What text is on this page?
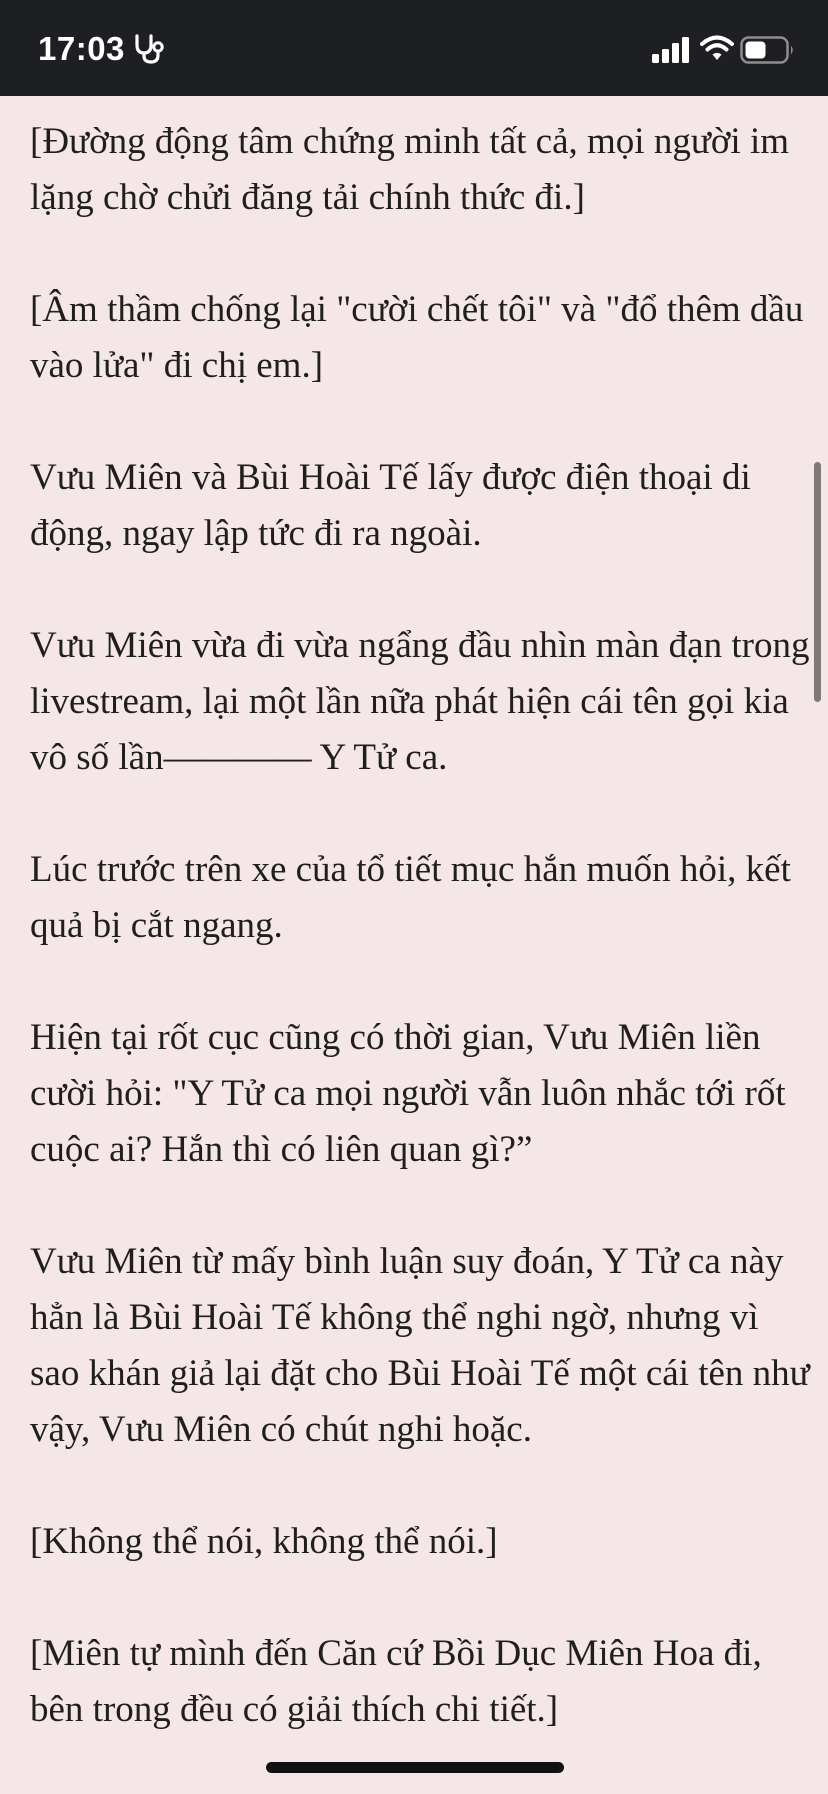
17:03

[Đường động tâm chứng minh tất cả, mọi người im lặng chờ chửi đăng tải chính thức đi.]

[Âm thầm chống lại "cười chết tôi" và "đổ thêm dầu vào lửa" đi chị em.]

Vưu Miên và Bùi Hoài Tế lấy được điện thoại di động, ngay lập tức đi ra ngoài.

Vưu Miên vừa đi vừa ngẩng đầu nhìn màn đạn trong livestream, lại một lần nữa phát hiện cái tên gọi kia vô số lần———— Y Tử ca.

Lúc trước trên xe của tổ tiết mục hắn muốn hỏi, kết quả bị cắt ngang.

Hiện tại rốt cục cũng có thời gian, Vưu Miên liền cười hỏi: "Y Tử ca mọi người vẫn luôn nhắc tới rốt cuộc ai? Hắn thì có liên quan gì?”

Vưu Miên từ mấy bình luận suy đoán, Y Tử ca này hẳn là Bùi Hoài Tế không thể nghi ngờ, nhưng vì sao khán giả lại đặt cho Bùi Hoài Tế một cái tên như vậy, Vưu Miên có chút nghi hoặc.

[Không thể nói, không thể nói.]

[Miên tự mình đến Căn cứ Bồi Dục Miên Hoa đi, bên trong đều có giải thích chi tiết.]
